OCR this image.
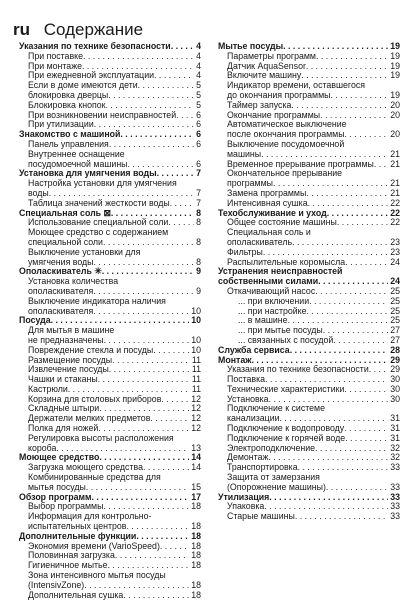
ru Содержание
Указания по технике безопасности . . .	4
При поставке . . .	4
При монтаже . . .	4
При ежедневной эксплуатации . . .	4
Если в доме имеются дети . . .	5
блокировка дверцы . . .	5
Блокировка кнопок . . .	5
При возникновении неисправностей . . . 6
При утилизации . . .	6
Знакомство с машиной . . .	6
Панель управления . . .	6
Внутреннее оснащение
посудомоечной машины . . .	6
Установка для умягчения воды . . .	7
Настройка установки для умягчения
воды . . .	7
Таблица значений жесткости воды . . .	7
Специальная соль ⊠ . . .	8
Использование специальной соли . . .	8
Моющее средство с содержанием
специальной соли . . .	8
Выключение установки для
умягчения воды . . .	8
Ополаскиватель ✳ . . .	9
Установка количества
ополаскивателя . . .	9
Выключение индикатора наличия
ополаскивателя . . .	10
Посуда . . .	10
Для мытья в машине
не предназначены . . .	10
Повреждение стекла и посуды . . .	10
Размещение посуды . . .	11
Извлечение посуды . . .	11
Чашки и стаканы . . .	11
Кастрюли . . .	11
Корзина для столовых приборов . . .	12
Складные штыри . . .	12
Держатели мелких предметов . . .	12
Полка для ножей . . .	12
Регулировка высоты расположения
короба . . .	13
Моющее средство . . .	14
Загрузка моющего средства . . .	14
Комбинированные средства для
мытья посуды . . .	15
Обзор программ . . .	17
Выбор программы . . .	18
Информация для контрольно-
испытательных центров . . .	18
Дополнительные функции . . .	18
Экономия времени (VarioSpeed) . . .	18
Половинная загрузка . . .	18
Гигиеничное мытье . . .	18
Зона интенсивного мытья посуды
(IntensivZone) . . .	18
Дополнительная сушка . . .	18
Мытье посуды . . .	19
Параметры программ . . .	19
Датчик AquaSensor . . .	19
Включите машину . . .	19
Индикатор времени, оставшегося
до окончания программы . . .	19
Таймер запуска . . .	20
Окончание программы . . .	20
Автоматическое выключение
после окончания программы . . .	20
Выключение посудомоечной
машины . . .	21
Временное прерывание программы . . . 21
Окончательное прерывание
программы . . .	21
Замена программы . . .	21
Интенсивная сушка . . .	22
Техобслуживание и уход . . .	22
Общее состояние машины . . .	22
Специальная соль и
ополаскиватель . . .	23
Фильтры . . .	23
Распылительные коромысла . . .	24
Устранения неисправностей
собственными силами . . .	24
Откачивающий насос . . .	25
... при включении . . .	25
... при настройке . . .	25
... в машине . . .	25
... при мытье посуды . . .	27
... связанных с посудой . . .	27
Служба сервиса . . .	28
Монтаж . . .	29
Указания по технике безопасности . . . 29
Поставка . . .	30
Технические характеристики . . .	30
Установка . . .	30
Подключение к системе
канализации . . .	31
Подключение к водопроводу . . .	31
Подключение к горячей воде . . .	31
Электроподключение . . .	32
Демонтаж . . .	32
Транспортировка . . .	33
Защита от замерзания
(Опорожнение машины) . . .	33
Утилизация . . .	33
Упаковка . . .	33
Старые машины . . .	33
